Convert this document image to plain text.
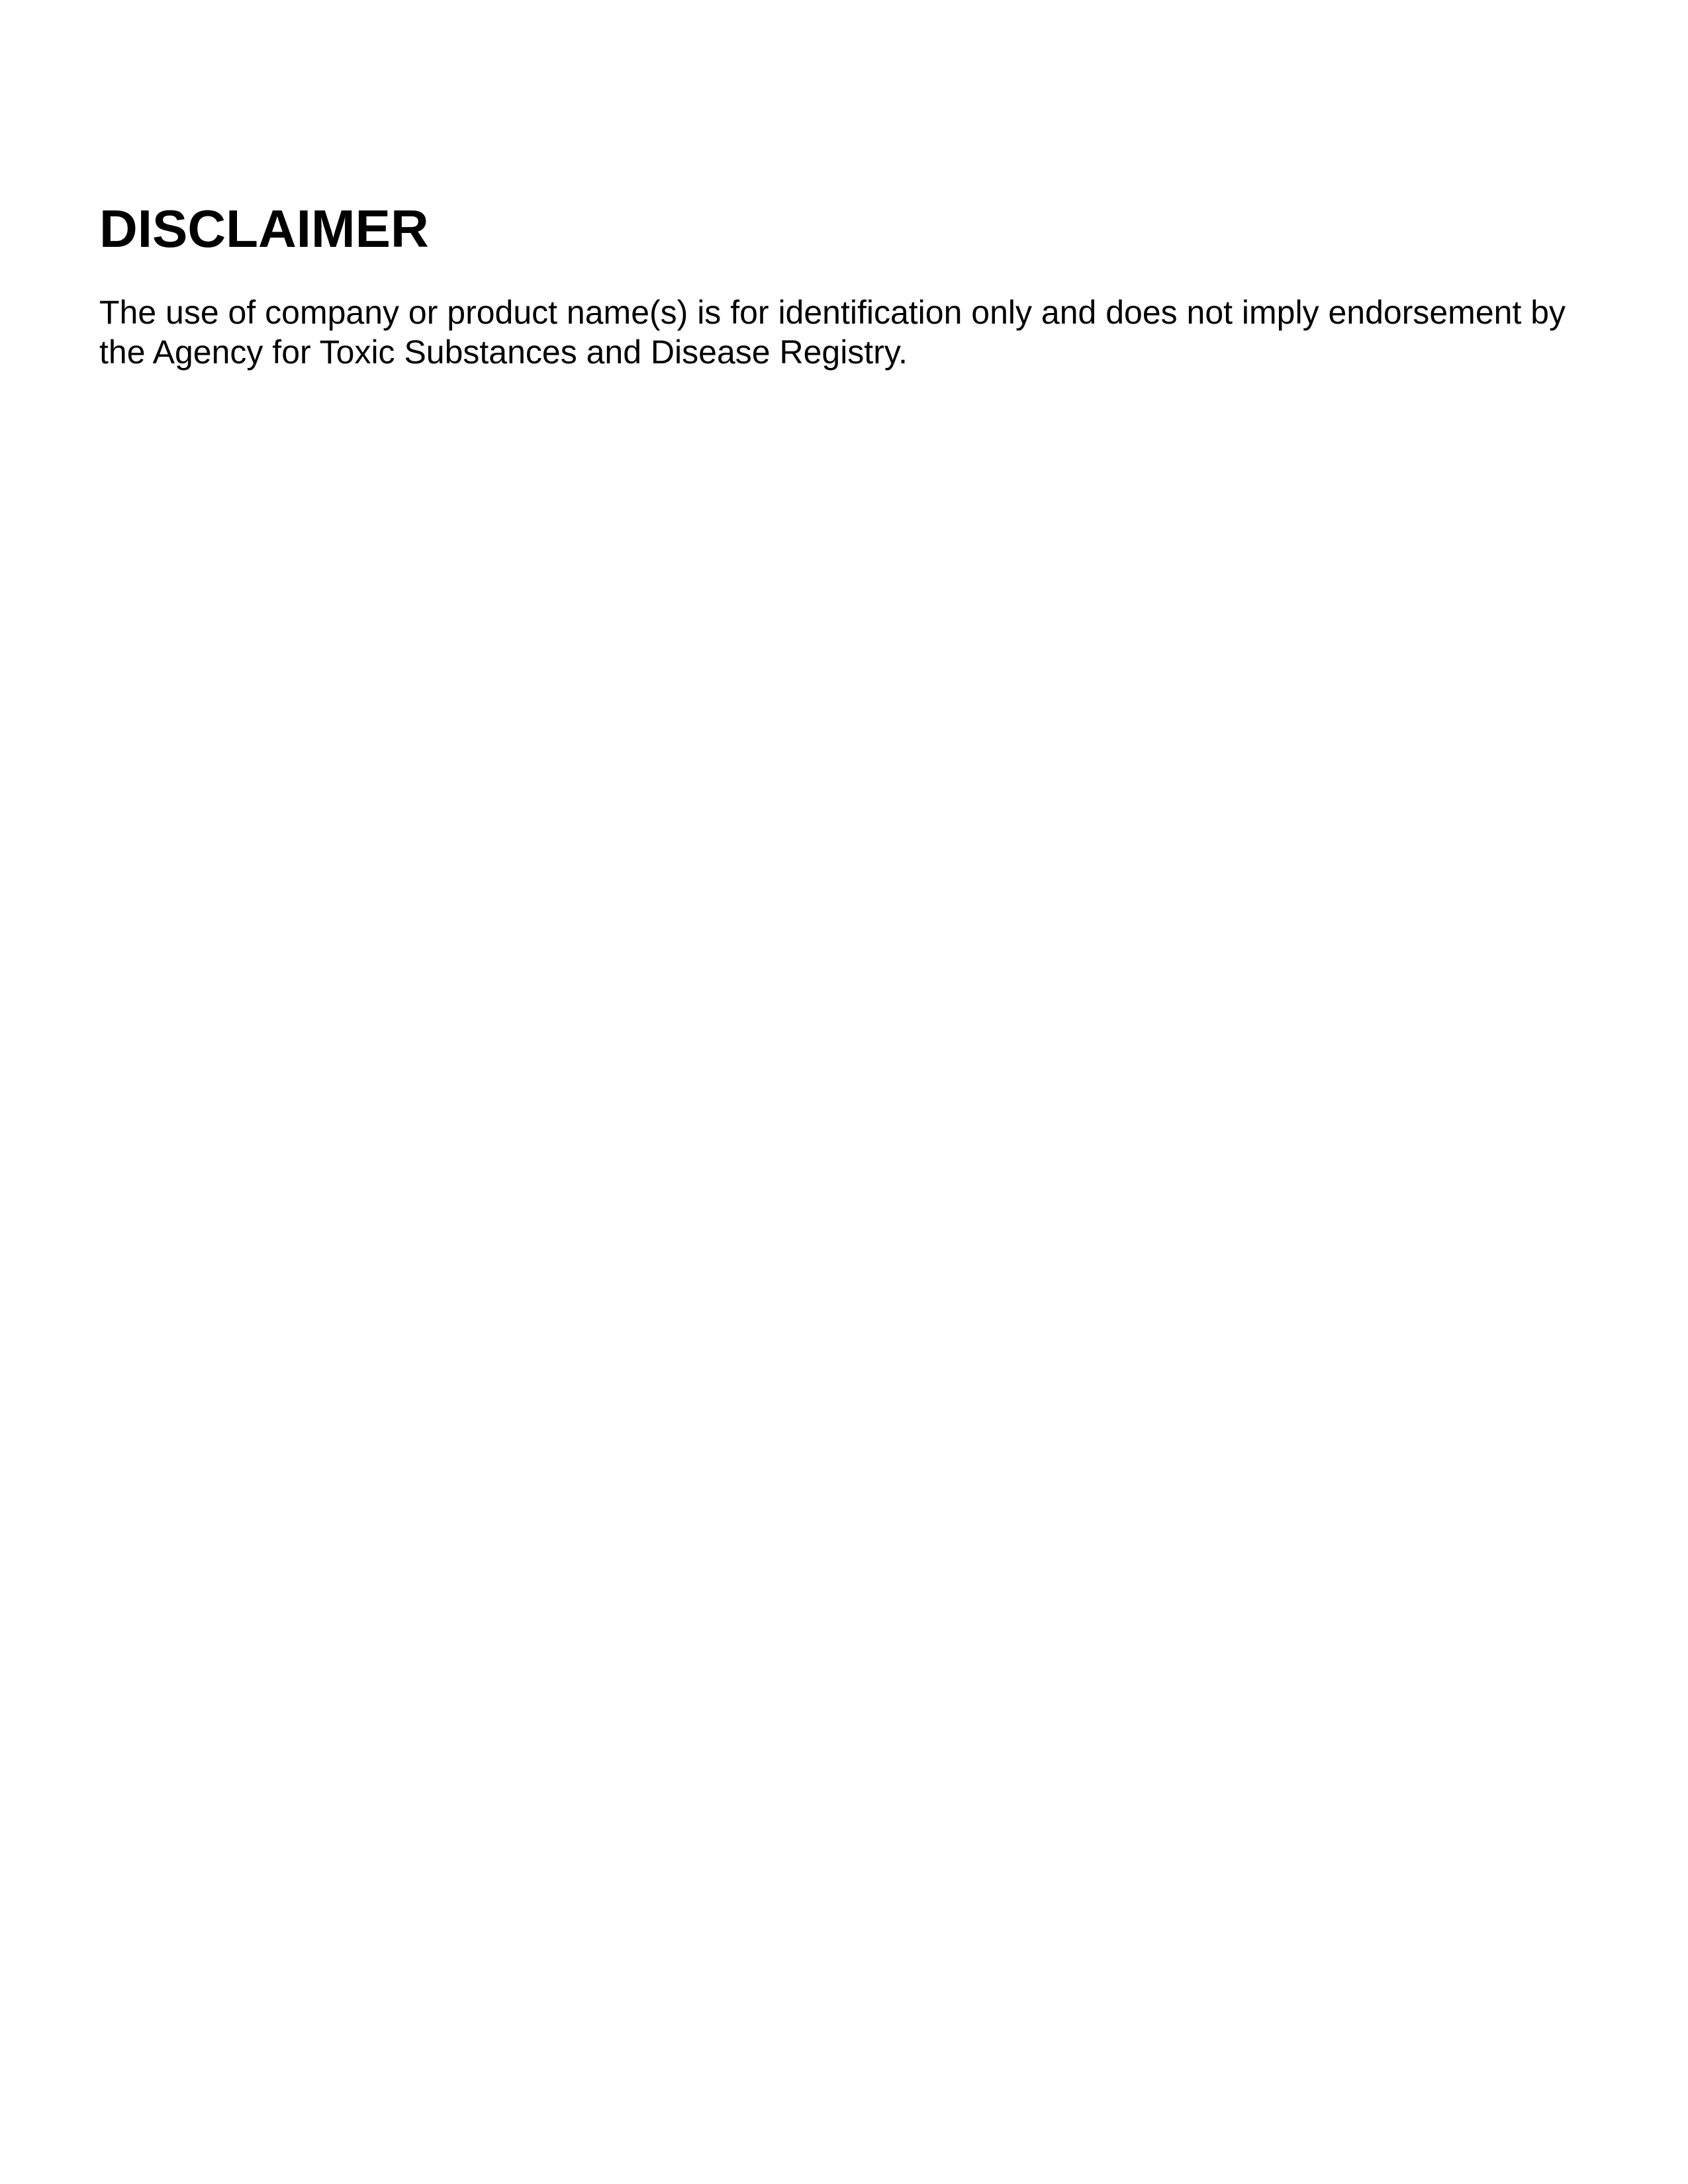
DISCLAIMER

The use of company or product name(s) is for identification only and does not imply endorsement by the Agency for Toxic Substances and Disease Registry.
